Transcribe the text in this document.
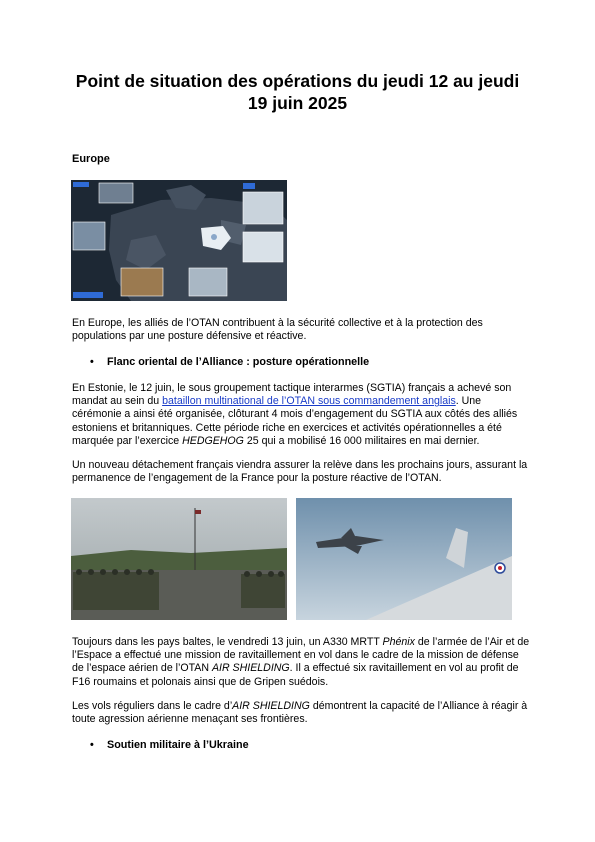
Point de situation des opérations du jeudi 12 au jeudi 19 juin 2025
Europe
En Europe, les alliés de l’OTAN contribuent à la sécurité collective et à la protection des populations par une posture défensive et réactive.
• Flanc oriental de l’Alliance : posture opérationnelle
En Estonie, le 12 juin, le sous groupement tactique interarmes (SGTIA) français a achevé son mandat au sein du bataillon multinational de l’OTAN sous commandement anglais. Une cérémonie a ainsi été organisée, clôturant 4 mois d’engagement du SGTIA aux côtés des alliés estoniens et britanniques. Cette période riche en exercices et activités opérationnelles a été marquée par l’exercice HEDGEHOG 25 qui a mobilisé 16 000 militaires en mai dernier.
Un nouveau détachement français viendra assurer la relève dans les prochains jours, assurant la permanence de l’engagement de la France pour la posture réactive de l’OTAN.
Toujours dans les pays baltes, le vendredi 13 juin, un A330 MRTT Phénix de l’armée de l’Air et de l’Espace a effectué une mission de ravitaillement en vol dans le cadre de la mission de défense de l’espace aérien de l’OTAN AIR SHIELDING. Il a effectué six ravitaillement en vol au profit de F16 roumains et polonais ainsi que de Gripen suédois.
Les vols réguliers dans le cadre d’AIR SHIELDING démontrent la capacité de l’Alliance à réagir à toute agression aérienne menaçant ses frontières.
• Soutien militaire à l’Ukraine
